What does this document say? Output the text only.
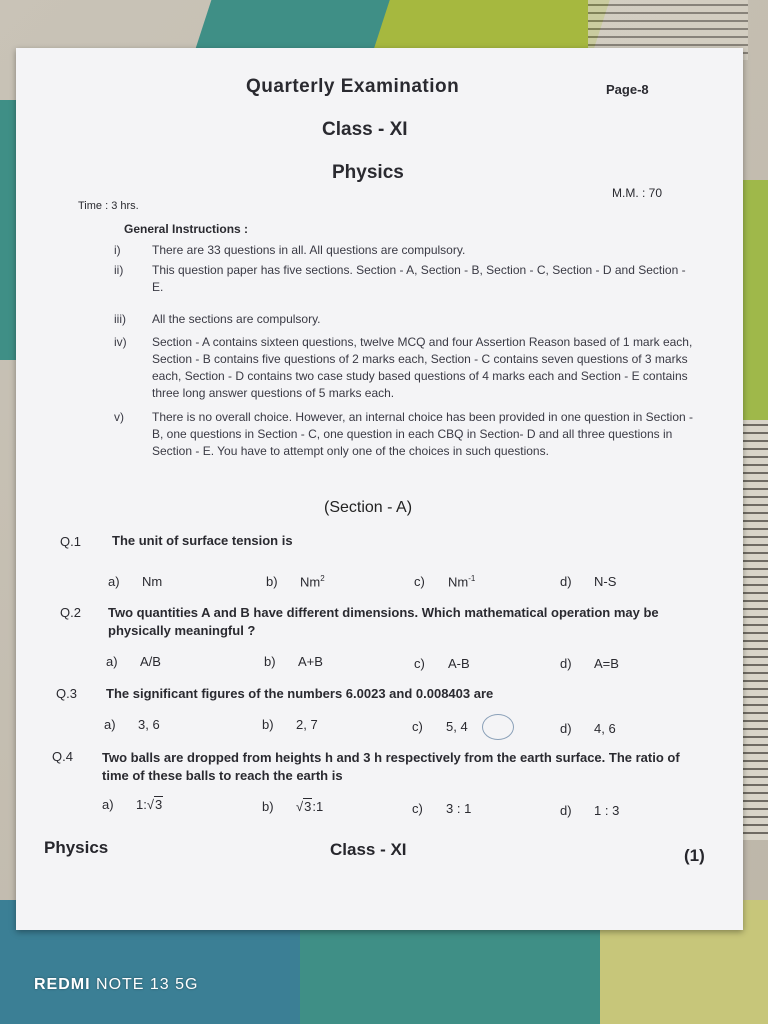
Quarterly Examination	Page-8
Class - XI
Physics
Time : 3 hrs.
M.M. : 70
General Instructions :
i)	There are 33 questions in all. All questions are compulsory.
ii)	This question paper has five sections. Section - A, Section - B, Section - C, Section - D and Section - E.
iii)	All the sections are compulsory.
iv)	Section - A contains sixteen questions, twelve MCQ and four Assertion Reason based of 1 mark each, Section - B contains five questions of 2 marks each, Section - C contains seven questions of 3 marks each, Section - D contains two case study based questions of 4 marks each and Section - E contains three long answer questions of 5 marks each.
v)	There is no overall choice. However, an internal choice has been provided in one question in Section - B, one questions in Section - C, one question in each CBQ in Section- D and all three questions in Section - E. You have to attempt only one of the choices in such questions.
(Section - A)
Q.1 The unit of surface tension is
a) Nm	b) Nm$^2$	c) $Nm^{-1}$	d) N-S
Q.2 Two quantities A and B have different dimensions. Which mathematical operation may be physically meaningful ?
a) A/B	b) A+B	c) A-B	d) A=B
Q.3 The significant figures of the numbers 6.0023 and 0.008403 are
a) 3, 6	b) 2, 7	c) 5, 4	d) 4, 6
Q.4 Two balls are dropped from heights h and 3 h respectively from the earth surface. The ratio of time of these balls to reach the earth is
a) 1:√3	b) √3:1	c) 3 : 1	d) 1 : 3
Physics	Class - XI	(1)
REDMI NOTE 13 5G
